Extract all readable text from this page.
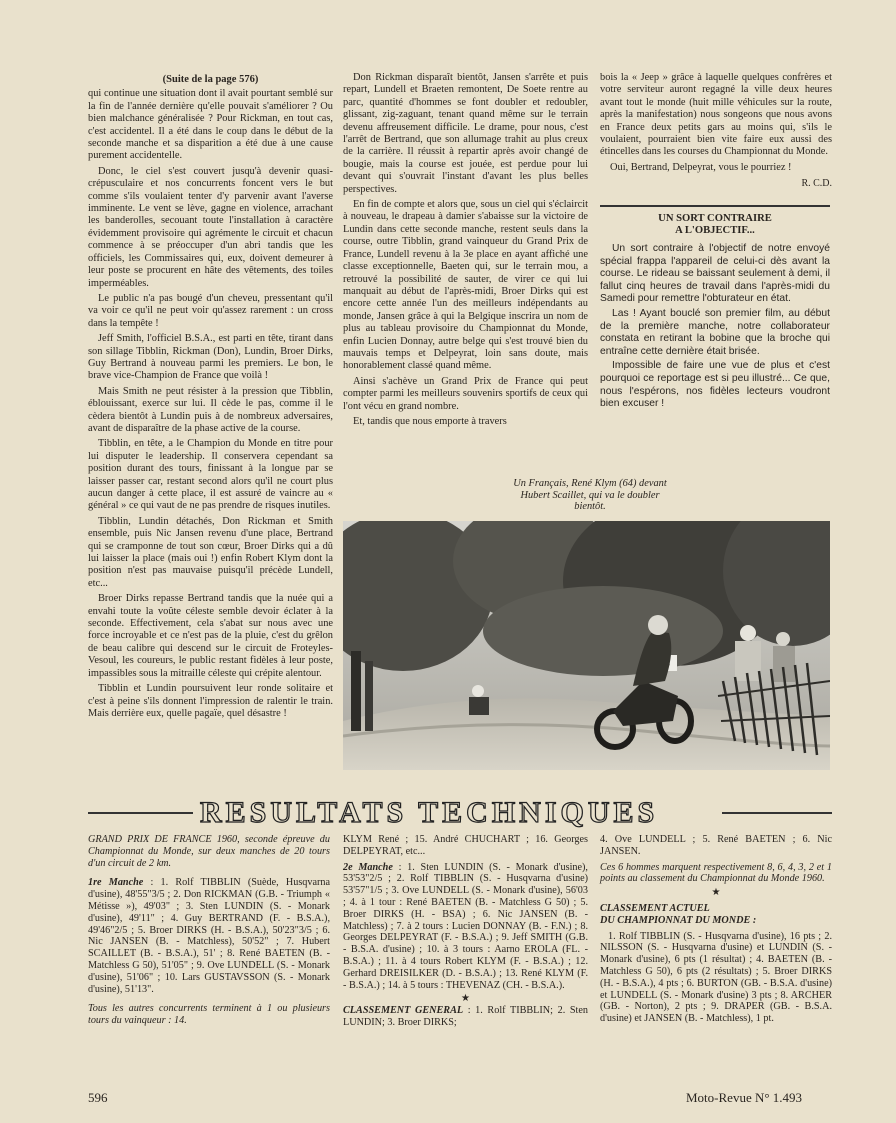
(Suite de la page 576)

qui continue une situation dont il avait pourtant semblé sur la fin de l'année dernière qu'elle pouvait s'améliorer ? Ou bien malchance généralisée ? Pour Rickman, en tout cas, c'est accidentel. Il a été dans le coup dans le début de la seconde manche et sa disparition a été due à une cause purement accidentelle.

Donc, le ciel s'est couvert jusqu'à devenir quasi-crépusculaire et nos concurrents foncent vers le but comme s'ils voulaient tenter d'y parvenir avant l'averse imminente. Le vent se lève, gagne en violence, arrachant les banderolles, secouant toute l'installation à caractère évidemment provisoire qui agrémente le circuit et chacun commence à se préoccuper d'un abri tandis que les officiels, les Commissaires qui, eux, doivent demeurer à leur poste se procurent en hâte des vêtements, des toiles imperméables.

Le public n'a pas bougé d'un cheveu, pressentant qu'il va voir ce qu'il ne peut voir qu'assez rarement : un cross dans la tempête !

Jeff Smith, l'officiel B.S.A., est parti en tête, tirant dans son sillage Tibblin, Rickman (Don), Lundin, Broer Dirks, Guy Bertrand à nouveau parmi les premiers. Le bon, le brave vice-Champion de France que voilà !

Mais Smith ne peut résister à la pression que Tibblin, éblouissant, exerce sur lui. Il cède le pas, comme il le cèdera bientôt à Lundin puis à de nombreux adversaires, avant de disparaître de la phase active de la course.

Tibblin, en tête, a le Champion du Monde en titre pour lui disputer le leadership. Il conservera cependant sa position durant des tours, finissant à la longue par se laisser passer car, restant second alors qu'il ne court plus aucun danger à cette place, il est assuré de vaincre au « général » ce qui vaut de ne pas prendre de risques inutiles.

Tibblin, Lundin détachés, Don Rickman et Smith ensemble, puis Nic Jansen revenu d'une place, Bertrand qui se cramponne de tout son cœur, Broer Dirks qui a dû lui laisser la place (mais oui !) enfin Robert Klym dont la position n'est pas mauvaise puisqu'il précède Lundell, etc...

Broer Dirks repasse Bertrand tandis que la nuée qui a envahi toute la voûte céleste semble devoir éclater à la seconde. Effectivement, cela s'abat sur nous avec une force incroyable et ce n'est pas de la pluie, c'est du grêlon de beau calibre qui descend sur le circuit de Froteyles-Vesoul, les coureurs, le public restant fidèles à leur poste, impassibles sous la mitraille céleste qui crépite alentour.

Tibblin et Lundin poursuivent leur ronde solitaire et c'est à peine s'ils donnent l'impression de ralentir le train. Mais derrière eux, quelle pagaïe, quel désastre !

Don Rickman disparaît bientôt, Jansen s'arrête et puis repart, Lundell et Braeten remontent, De Soete rentre au parc, quantité d'hommes se font doubler et redoubler, glissant, zig-zaguant, tenant quand même sur le terrain devenu affreusement difficile. Le drame, pour nous, c'est l'arrêt de Bertrand, que son allumage trahit au plus creux de la carrière. Il réussit à repartir après avoir changé de bougie, mais la course est jouée, est perdue pour lui devant qui s'ouvrait l'instant d'avant les plus belles perspectives.

En fin de compte et alors que, sous un ciel qui s'éclaircit à nouveau, le drapeau à damier s'abaisse sur la victoire de Lundin dans cette seconde manche, restent seuls dans la course, outre Tibblin, grand vainqueur du Grand Prix de France, Lundell revenu à la 3e place en ayant affiché une classe exceptionnelle, Baeten qui, sur le terrain mou, a retrouvé la possibilité de sauter, de virer ce qui lui manquait au début de l'après-midi, Broer Dirks qui est encore cette année l'un des meilleurs indépendants au monde, Jansen grâce à qui la Belgique inscrira un nom de plus au tableau provisoire du Championnat du Monde, enfin Lucien Donnay, autre belge qui s'est trouvé bien du mauvais temps et Delpeyrat, loin sans doute, mais honorablement classé quand même.

Ainsi s'achève un Grand Prix de France qui peut compter parmi les meilleurs souvenirs sportifs de ceux qui l'ont vécu en grand nombre.

Et, tandis que nous emporte à travers

bois la « Jeep » grâce à laquelle quelques confrères et votre serviteur auront regagné la ville deux heures avant tout le monde (huit mille véhicules sur la route, après la manifestation) nous songeons que nous avons en France deux petits gars au moins qui, s'ils le voulaient, pourraient bien vite faire eux aussi des étincelles dans les courses du Championnat du Monde.

Oui, Bertrand, Delpeyrat, vous le pourriez !

R. C.D.
UN SORT CONTRAIRE
A L'OBJECTIF...

Un sort contraire à l'objectif de notre envoyé spécial frappa l'appareil de celui-ci dès avant la course. Le rideau se baissant seulement à demi, il fallut cinq heures de travail dans l'après-midi du Samedi pour remettre l'obturateur en état.

Las ! Ayant bouclé son premier film, au début de la première manche, notre collaborateur constata en retirant la bobine que la broche qui entraîne cette dernière était brisée.

Impossible de faire une vue de plus et c'est pourquoi ce reportage est si peu illustré... Ce que, nous l'espérons, nos fidèles lecteurs voudront bien excuser !

Un Français, René Klym (64) devant
Hubert Scaillet, qui va le doubler
bientôt.
RESULTATS TECHNIQUES

GRAND PRIX DE FRANCE 1960, seconde épreuve du Championnat du Monde, sur deux manches de 20 tours d'un circuit de 2 km.

1re Manche : 1. Rolf TIBBLIN (Suède, Husqvarna d'usine), 48'55"3/5 ; 2. Don RICKMAN (G.B. - Triumph « Métisse »), 49'03" ; 3. Sten LUNDIN (S. - Monark d'usine), 49'11" ; 4. Guy BERTRAND (F. - B.S.A.), 49'46"2/5 ; 5. Broer DIRKS (H. - B.S.A.), 50'23"3/5 ; 6. Nic JANSEN (B. - Matchless), 50'52" ; 7. Hubert SCAILLET (B. - B.S.A.), 51' ; 8. René BAETEN (B. - Matchless G 50), 51'05" ; 9. Ove LUNDELL (S. - Monark d'usine), 51'06" ; 10. Lars GUSTAVSSON (S. - Monark d'usine), 51'13".

Tous les autres concurrents terminent à 1 ou plusieurs tours du vainqueur : 14.

KLYM René ; 15. André CHUCHART ; 16. Georges DELPEYRAT, etc...

2e Manche : 1. Sten LUNDIN (S. - Monark d'usine), 53'53"2/5 ; 2. Rolf TIBBLIN (S. - Husqvarna d'usine) 53'57"1/5 ; 3. Ove LUNDELL (S. - Monark d'usine), 56'03 ; 4. à 1 tour : René BAETEN (B. - Matchless G 50) ; 5. Broer DIRKS (H. - BSA) ; 6. Nic JANSEN (B. - Matchless) ; 7. à 2 tours : Lucien DONNAY (B. - F.N.) ; 8. Georges DELPEYRAT (F. - B.S.A.) ; 9. Jeff SMITH (G.B. - B.S.A. d'usine) ; 10. à 3 tours : Aarno EROLA (FL. - B.S.A.) ; 11. à 4 tours Robert KLYM (F. - B.S.A.) ; 12. Gerhard DREISILKER (D. - B.S.A.) ; 13. René KLYM (F. - B.S.A.) ; 14. à 5 tours : THEVENAZ (CH. - B.S.A.).

★

CLASSEMENT GENERAL : 1. Rolf TIBBLIN; 2. Sten LUNDIN; 3. Broer DIRKS;

4. Ove LUNDELL ; 5. René BAETEN ; 6. Nic JANSEN.

Ces 6 hommes marquent respectivement 8, 6, 4, 3, 2 et 1 points au classement du Championnat du Monde 1960.

★
CLASSEMENT ACTUEL
DU CHAMPIONNAT DU MONDE :

1. Rolf TIBBLIN (S. - Husqvarna d'usine), 16 pts ; 2. NILSSON (S. - Husqvarna d'usine) et LUNDIN (S. - Monark d'usine), 6 pts (1 résultat) ; 4. BAETEN (B. - Matchless G 50), 6 pts (2 résultats) ; 5. Broer DIRKS (H. - B.S.A.), 4 pts ; 6. BURTON (GB. - B.S.A. d'usine) et LUNDELL (S. - Monark d'usine) 3 pts ; 8. ARCHER (GB. - Norton), 2 pts ; 9. DRAPER (GB. - B.S.A. d'usine) et JANSEN (B. - Matchless), 1 pt.

596	Moto-Revue N° 1.493
